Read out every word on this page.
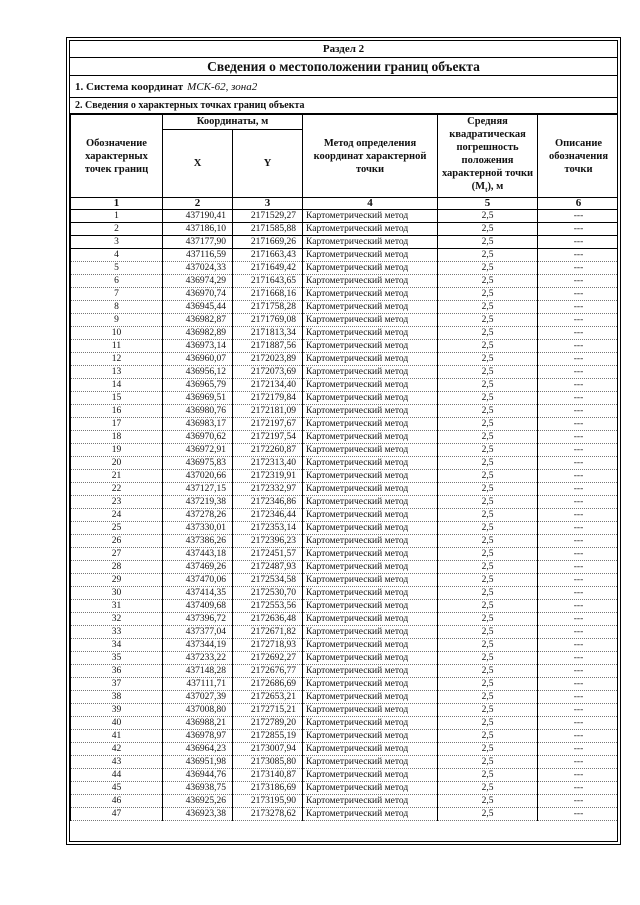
Раздел 2
Сведения о местоположении границ объекта
1. Система координат МСК-62, зона2
2. Сведения о характерных точках границ объекта
Обозначение характерных точек границ	Координаты, м		Метод определения координат характерной точки	Средняя квадратическая погрешность положения характерной точки $(M_t)$, м	Описание обозначения точки
	X	Y			
1	2	3	4	5	6
1	437190,41	2171529,27	Картометрический метод	2,5	---
2	437186,10	2171585,88	Картометрический метод	2,5	---
3	437177,90	2171669,26	Картометрический метод	2,5	---
4	437116,59	2171663,43	Картометрический метод	2,5	---
5	437024,33	2171649,42	Картометрический метод	2,5	---
6	436974,29	2171643,65	Картометрический метод	2,5	---
7	436970,74	2171668,16	Картометрический метод	2,5	---
8	436945,44	2171758,28	Картометрический метод	2,5	---
9	436982,87	2171769,08	Картометрический метод	2,5	---
10	436982,89	2171813,34	Картометрический метод	2,5	---
11	436973,14	2171887,56	Картометрический метод	2,5	---
12	436960,07	2172023,89	Картометрический метод	2,5	---
13	436956,12	2172073,69	Картометрический метод	2,5	---
14	436965,79	2172134,40	Картометрический метод	2,5	---
15	436969,51	2172179,84	Картометрический метод	2,5	---
16	436980,76	2172181,09	Картометрический метод	2,5	---
17	436983,17	2172197,67	Картометрический метод	2,5	---
18	436970,62	2172197,54	Картометрический метод	2,5	---
19	436972,91	2172260,87	Картометрический метод	2,5	---
20	436975,83	2172313,40	Картометрический метод	2,5	---
21	437020,66	2172319,91	Картометрический метод	2,5	---
22	437127,15	2172332,97	Картометрический метод	2,5	---
23	437219,38	2172346,86	Картометрический метод	2,5	---
24	437278,26	2172346,44	Картометрический метод	2,5	---
25	437330,01	2172353,14	Картометрический метод	2,5	---
26	437386,26	2172396,23	Картометрический метод	2,5	---
27	437443,18	2172451,57	Картометрический метод	2,5	---
28	437469,26	2172487,93	Картометрический метод	2,5	---
29	437470,06	2172534,58	Картометрический метод	2,5	---
30	437414,35	2172530,70	Картометрический метод	2,5	---
31	437409,68	2172553,56	Картометрический метод	2,5	---
32	437396,72	2172636,48	Картометрический метод	2,5	---
33	437377,04	2172671,82	Картометрический метод	2,5	---
34	437344,19	2172718,93	Картометрический метод	2,5	---
35	437233,22	2172692,27	Картометрический метод	2,5	---
36	437148,28	2172676,77	Картометрический метод	2,5	---
37	437111,71	2172686,69	Картометрический метод	2,5	---
38	437027,39	2172653,21	Картометрический метод	2,5	---
39	437008,80	2172715,21	Картометрический метод	2,5	---
40	436988,21	2172789,20	Картометрический метод	2,5	---
41	436978,97	2172855,19	Картометрический метод	2,5	---
42	436964,23	2173007,94	Картометрический метод	2,5	---
43	436951,98	2173085,80	Картометрический метод	2,5	---
44	436944,76	2173140,87	Картометрический метод	2,5	---
45	436938,75	2173186,69	Картометрический метод	2,5	---
46	436925,26	2173195,90	Картометрический метод	2,5	---
47	436923,38	2173278,62	Картометрический метод	2,5	---
